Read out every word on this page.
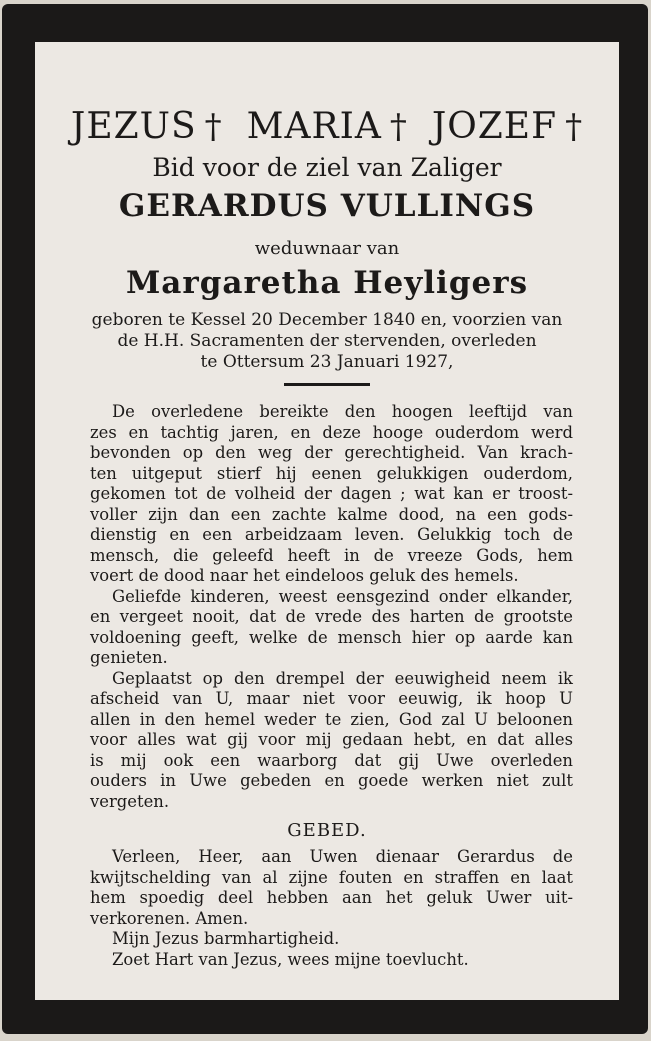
JEZUS † MARIA † JOZEF †
Bid voor de ziel van Zaliger
GERARDUS VULLINGS
weduwnaar van
Margaretha Heyligers
geboren te Kessel 20 December 1840 en, voorzien van
de H.H. Sacramenten der stervenden, overleden
te Ottersum 23 Januari 1927,
De overledene bereikte den hoogen leeftijd van
zes en tachtig jaren, en deze hooge ouderdom werd
bevonden op den weg der gerechtigheid. Van krach-
ten uitgeput stierf hij eenen gelukkigen ouderdom,
gekomen tot de volheid der dagen ; wat kan er troost-
voller zijn dan een zachte kalme dood, na een gods-
dienstig en een arbeidzaam leven. Gelukkig toch de
mensch, die geleefd heeft in de vreeze Gods, hem
voert de dood naar het eindeloos geluk des hemels.
Geliefde kinderen, weest eensgezind onder elkander,
en vergeet nooit, dat de vrede des harten de grootste
voldoening geeft, welke de mensch hier op aarde kan
genieten.
Geplaatst op den drempel der eeuwigheid neem ik
afscheid van U, maar niet voor eeuwig, ik hoop U
allen in den hemel weder te zien, God zal U beloonen
voor alles wat gij voor mij gedaan hebt, en dat alles
is mij ook een waarborg dat gij Uwe overleden
ouders in Uwe gebeden en goede werken niet zult
vergeten.
GEBED.
Verleen, Heer, aan Uwen dienaar Gerardus de
kwijtschelding van al zijne fouten en straffen en laat
hem spoedig deel hebben aan het geluk Uwer uit-
verkorenen. Amen.
Mijn Jezus barmhartigheid.
Zoet Hart van Jezus, wees mijne toevlucht.
